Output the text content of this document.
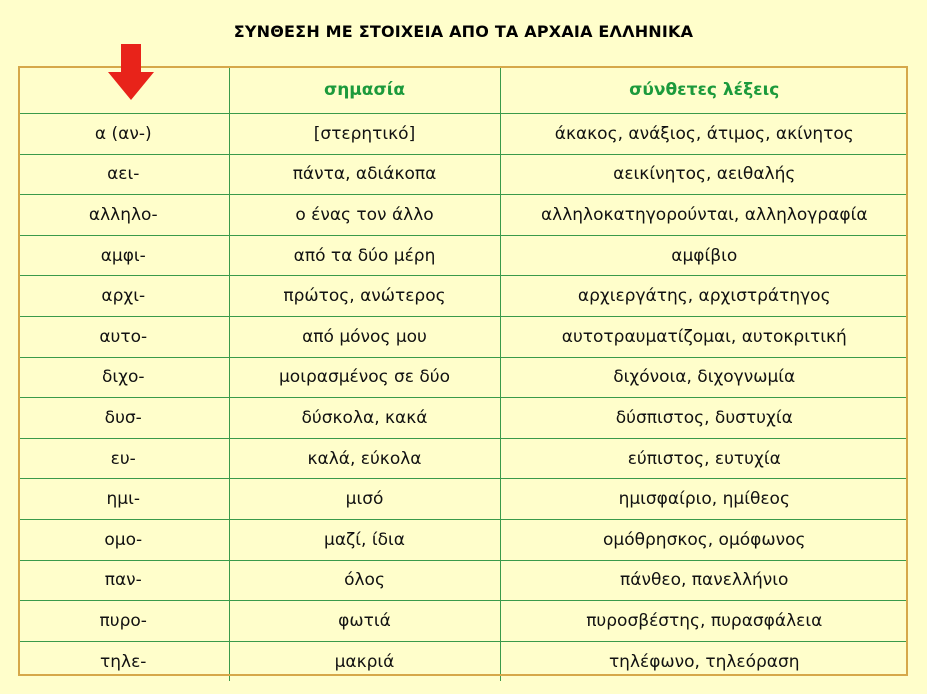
ΣΥΝΘΕΣΗ ΜΕ ΣΤΟΙΧΕΙΑ ΑΠΟ ΤΑ ΑΡΧΑΙΑ ΕΛΛΗΝΙΚΑ
	σημασία	σύνθετες λέξεις
α (αν-)	[στερητικό]	άκακος, ανάξιος, άτιμος, ακίνητος
αει-	πάντα, αδιάκοπα	αεικίνητος, αειθαλής
αλληλο-	ο ένας τον άλλο	αλληλοκατηγορούνται, αλληλογραφία
αμφι-	από τα δύο μέρη	αμφίβιο
αρχι-	πρώτος, ανώτερος	αρχιεργάτης, αρχιστράτηγος
αυτο-	από μόνος μου	αυτοτραυματίζομαι, αυτοκριτική
διχο-	μοιρασμένος σε δύο	διχόνοια, διχογνωμία
δυσ-	δύσκολα, κακά	δύσπιστος, δυστυχία
ευ-	καλά, εύκολα	εύπιστος, ευτυχία
ημι-	μισό	ημισφαίριο, ημίθεος
ομο-	μαζί, ίδια	ομόθρησκος, ομόφωνος
παν-	όλος	πάνθεο, πανελλήνιο
πυρο-	φωτιά	πυροσβέστης, πυρασφάλεια
τηλε-	μακριά	τηλέφωνο, τηλεόραση
